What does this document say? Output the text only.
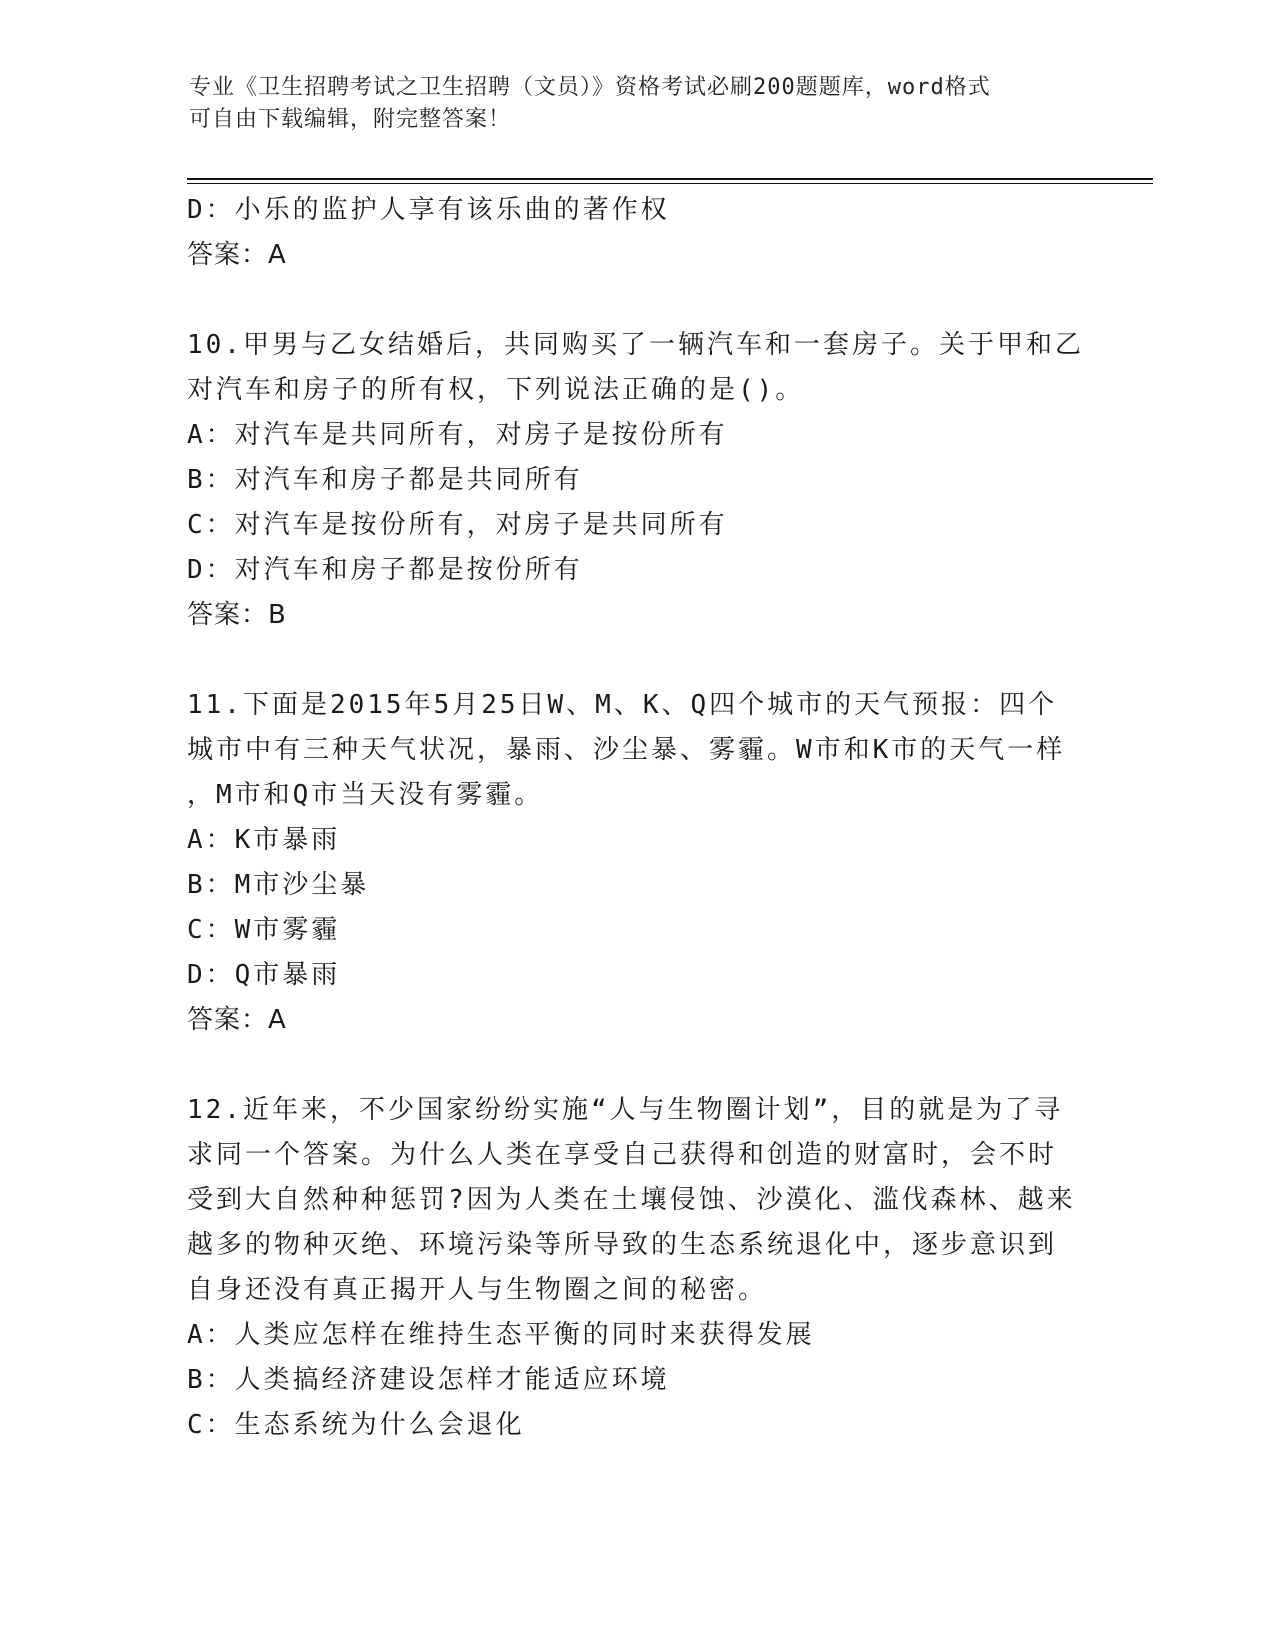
专业《卫生招聘考试之卫生招聘（文员）》资格考试必刷200题题库，word格式
可自由下载编辑，附完整答案！
D：小乐的监护人享有该乐曲的著作权
答案：A
10.甲男与乙女结婚后，共同购买了一辆汽车和一套房子。关于甲和乙
对汽车和房子的所有权，下列说法正确的是()。
A：对汽车是共同所有，对房子是按份所有
B：对汽车和房子都是共同所有
C：对汽车是按份所有，对房子是共同所有
D：对汽车和房子都是按份所有
答案：B
11.下面是2015年5月25日W、M、K、Q四个城市的天气预报：四个
城市中有三种天气状况，暴雨、沙尘暴、雾霾。W市和K市的天气一样
，M市和Q市当天没有雾霾。
A：K市暴雨
B：M市沙尘暴
C：W市雾霾
D：Q市暴雨
答案：A
12.近年来，不少国家纷纷实施“人与生物圈计划”，目的就是为了寻
求同一个答案。为什么人类在享受自己获得和创造的财富时，会不时
受到大自然种种惩罚?因为人类在土壤侵蚀、沙漠化、滥伐森林、越来
越多的物种灭绝、环境污染等所导致的生态系统退化中，逐步意识到
自身还没有真正揭开人与生物圈之间的秘密。
A：人类应怎样在维持生态平衡的同时来获得发展
B：人类搞经济建设怎样才能适应环境
C：生态系统为什么会退化
